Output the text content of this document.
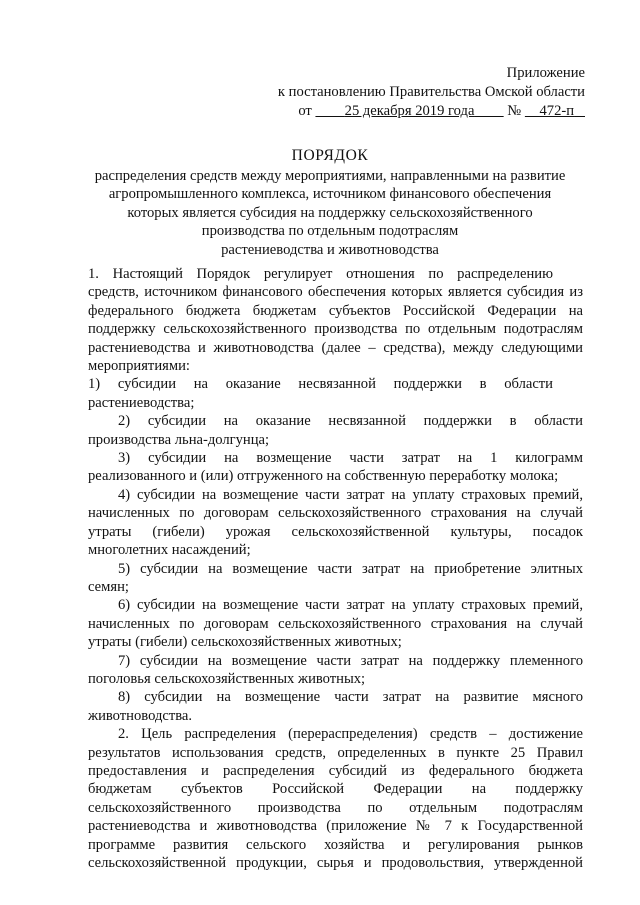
Приложение
к постановлению Правительства Омской области
от 25 декабря 2019 года № 472-п
ПОРЯДОК
распределения средств между мероприятиями, направленными на развитие
агропромышленного комплекса, источником финансового обеспечения
которых является субсидия на поддержку сельскохозяйственного
производства по отдельным подотраслям
растениеводства и животноводства

1. Настоящий Порядок регулирует отношения по распределению

средств, источником финансового обеспечения которых является субсидия из

федерального бюджета бюджетам субъектов Российской Федерации на

поддержку сельскохозяйственного производства по отдельным подотраслям

растениеводства и животноводства (далее – средства), между следующими

мероприятиями:

1) субсидии на оказание несвязанной поддержки в области

растениеводства;

2) субсидии на оказание несвязанной поддержки в области

производства льна-долгунца;

3) субсидии на возмещение части затрат на 1 килограмм

реализованного и (или) отгруженного на собственную переработку молока;

4) субсидии на возмещение части затрат на уплату страховых премий,

начисленных по договорам сельскохозяйственного страхования на случай

утраты (гибели) урожая сельскохозяйственной культуры, посадок

многолетних насаждений;

5) субсидии на возмещение части затрат на приобретение элитных

семян;

6) субсидии на возмещение части затрат на уплату страховых премий,

начисленных по договорам сельскохозяйственного страхования на случай

утраты (гибели) сельскохозяйственных животных;

7) субсидии на возмещение части затрат на поддержку племенного

поголовья сельскохозяйственных животных;

8) субсидии на возмещение части затрат на развитие мясного

животноводства.

2. Цель распределения (перераспределения) средств – достижение

результатов использования средств, определенных в пункте 25 Правил

предоставления и распределения субсидий из федерального бюджета

бюджетам субъектов Российской Федерации на поддержку

сельскохозяйственного производства по отдельным подотраслям

растениеводства и животноводства (приложение № 7 к Государственной

программе развития сельского хозяйства и регулирования рынков

сельскохозяйственной продукции, сырья и продовольствия, утвержденной
